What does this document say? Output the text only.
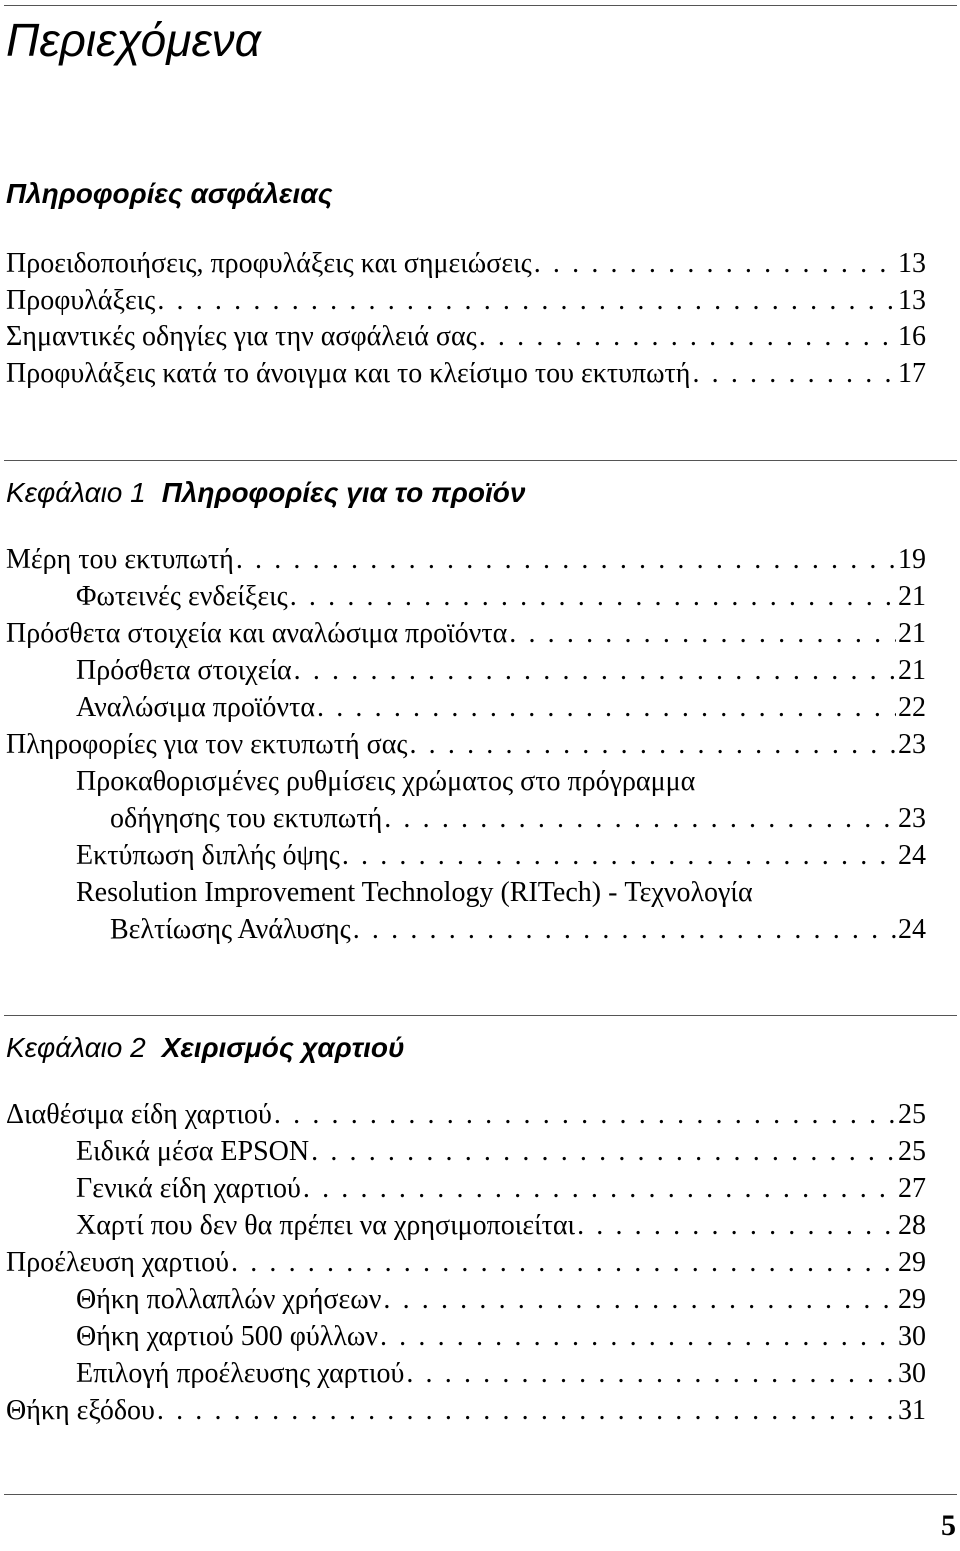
Περιεχόμενα
Πληροφορίες ασφάλειας
Προειδοποιήσεις, προφυλάξεις και σημειώσεις . . .	13
Προφυλάξεις . . .	13
Σημαντικές οδηγίες για την ασφάλειά σας . . .	16
Προφυλάξεις κατά το άνοιγμα και το κλείσιμο του εκτυπωτή . . .	17
Κεφάλαιο 1 Πληροφορίες για το προϊόν
Μέρη του εκτυπωτή . . .	19
Φωτεινές ενδείξεις . . .	21
Πρόσθετα στοιχεία και αναλώσιμα προϊόντα . . .	21
Πρόσθετα στοιχεία . . .	21
Αναλώσιμα προϊόντα . . .	22
Πληροφορίες για τον εκτυπωτή σας . . .	23
Προκαθορισμένες ρυθμίσεις χρώματος στο πρόγραμμα
οδήγησης του εκτυπωτή . . .	23
Εκτύπωση διπλής όψης . . .	24
Resolution Improvement Technology (RITech) - Τεχνολογία
Βελτίωσης Ανάλυσης . . .	24
Κεφάλαιο 2 Χειρισμός χαρτιού
Διαθέσιμα είδη χαρτιού . . .	25
Ειδικά μέσα EPSON . . .	25
Γενικά είδη χαρτιού . . .	27
Χαρτί που δεν θα πρέπει να χρησιμοποιείται . . .	28
Προέλευση χαρτιού . . .	29
Θήκη πολλαπλών χρήσεων . . .	29
Θήκη χαρτιού 500 φύλλων . . .	30
Επιλογή προέλευσης χαρτιού . . .	30
Θήκη εξόδου . . .	31
5
